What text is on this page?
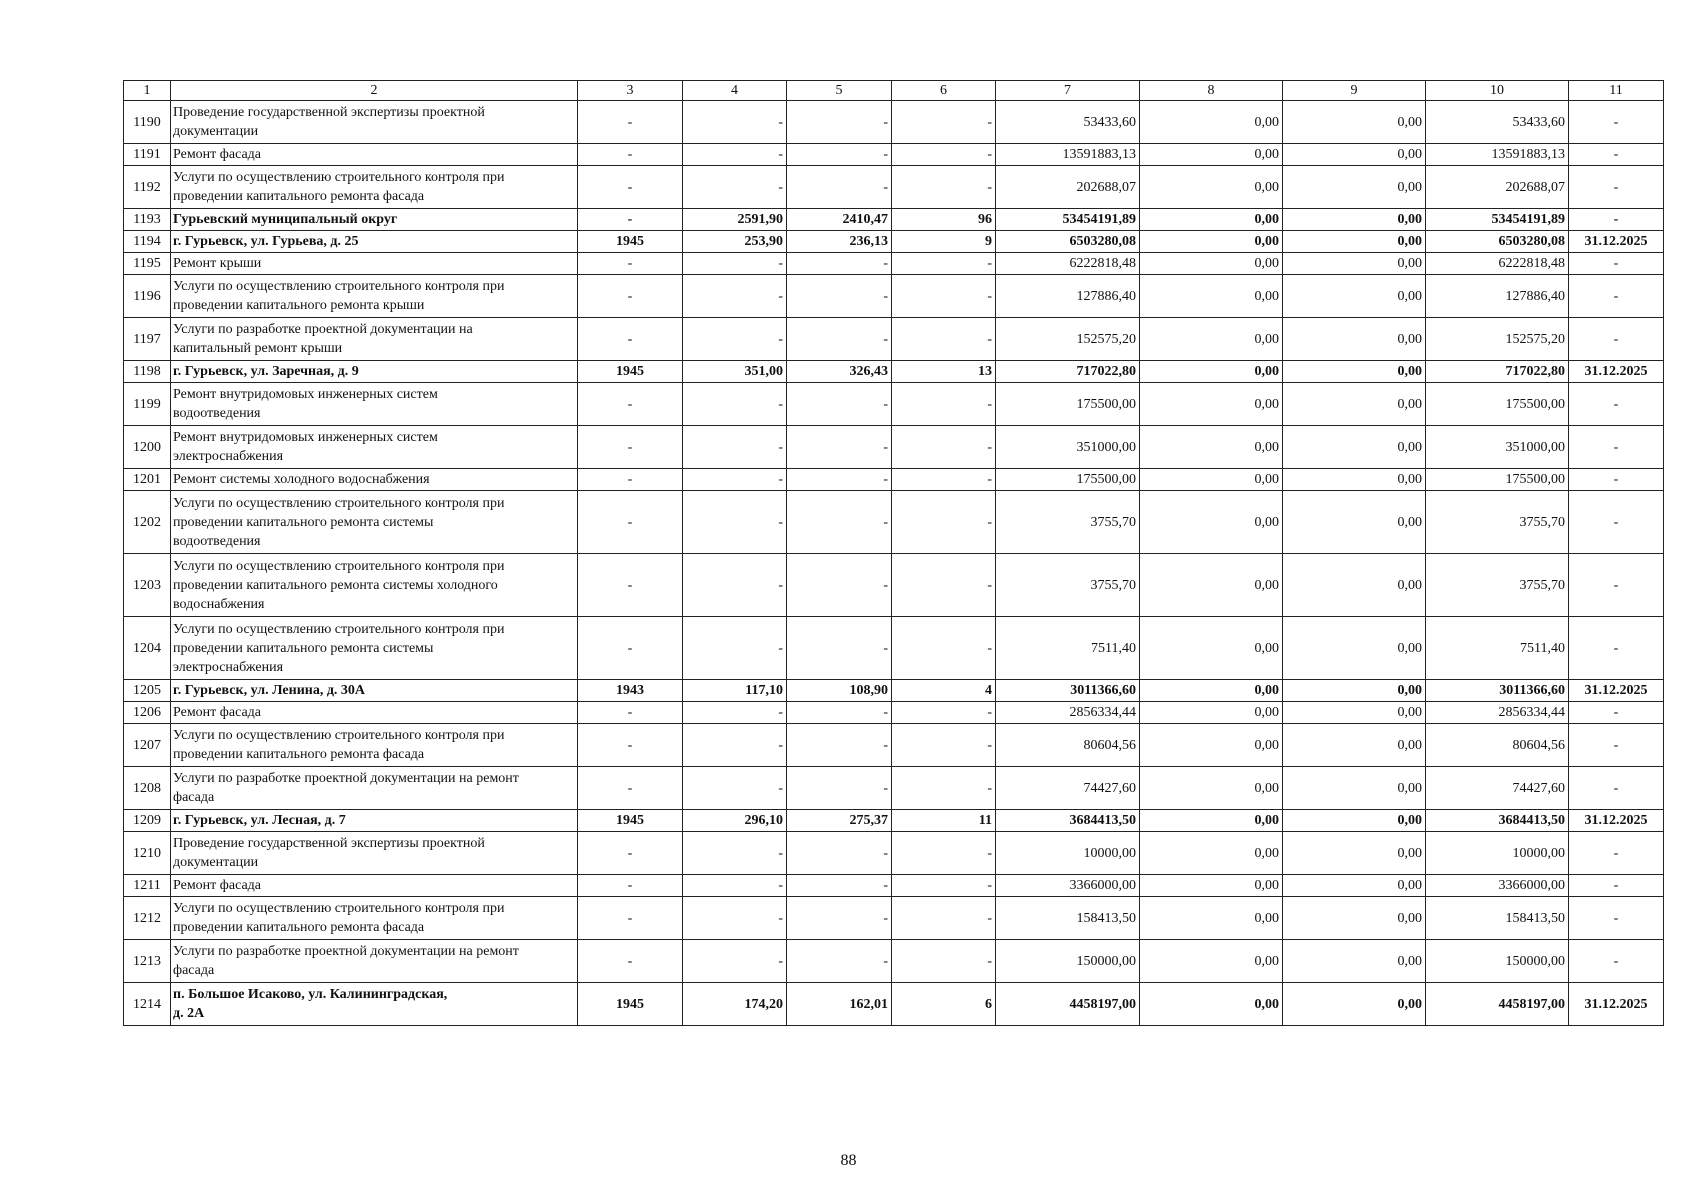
1	2	3	4	5	6	7	8	9	10	11
1190	Проведение государственной экспертизы проектной
документации	-	-	-	-	53433,60	0,00	0,00	53433,60	-
1191	Ремонт фасада	-	-	-	-	13591883,13	0,00	0,00	13591883,13	-
1192	Услуги по осуществлению строительного контроля при
проведении капитального ремонта фасада	-	-	-	-	202688,07	0,00	0,00	202688,07	-
1193	Гурьевский муниципальный округ	-	2591,90	2410,47	96	53454191,89	0,00	0,00	53454191,89	-
1194	г. Гурьевск, ул. Гурьева, д. 25	1945	253,90	236,13	9	6503280,08	0,00	0,00	6503280,08	31.12.2025
1195	Ремонт крыши	-	-	-	-	6222818,48	0,00	0,00	6222818,48	-
1196	Услуги по осуществлению строительного контроля при
проведении капитального ремонта крыши	-	-	-	-	127886,40	0,00	0,00	127886,40	-
1197	Услуги по разработке проектной документации на
капитальный ремонт крыши	-	-	-	-	152575,20	0,00	0,00	152575,20	-
1198	г. Гурьевск, ул. Заречная, д. 9	1945	351,00	326,43	13	717022,80	0,00	0,00	717022,80	31.12.2025
1199	Ремонт внутридомовых инженерных систем
водоотведения	-	-	-	-	175500,00	0,00	0,00	175500,00	-
1200	Ремонт внутридомовых инженерных систем
электроснабжения	-	-	-	-	351000,00	0,00	0,00	351000,00	-
1201	Ремонт системы холодного водоснабжения	-	-	-	-	175500,00	0,00	0,00	175500,00	-
1202	Услуги по осуществлению строительного контроля при
проведении капитального ремонта системы
водоотведения	-	-	-	-	3755,70	0,00	0,00	3755,70	-
1203	Услуги по осуществлению строительного контроля при
проведении капитального ремонта системы холодного
водоснабжения	-	-	-	-	3755,70	0,00	0,00	3755,70	-
1204	Услуги по осуществлению строительного контроля при
проведении капитального ремонта системы
электроснабжения	-	-	-	-	7511,40	0,00	0,00	7511,40	-
1205	г. Гурьевск, ул. Ленина, д. 30А	1943	117,10	108,90	4	3011366,60	0,00	0,00	3011366,60	31.12.2025
1206	Ремонт фасада	-	-	-	-	2856334,44	0,00	0,00	2856334,44	-
1207	Услуги по осуществлению строительного контроля при
проведении капитального ремонта фасада	-	-	-	-	80604,56	0,00	0,00	80604,56	-
1208	Услуги по разработке проектной документации на ремонт
фасада	-	-	-	-	74427,60	0,00	0,00	74427,60	-
1209	г. Гурьевск, ул. Лесная, д. 7	1945	296,10	275,37	11	3684413,50	0,00	0,00	3684413,50	31.12.2025
1210	Проведение государственной экспертизы проектной
документации	-	-	-	-	10000,00	0,00	0,00	10000,00	-
1211	Ремонт фасада	-	-	-	-	3366000,00	0,00	0,00	3366000,00	-
1212	Услуги по осуществлению строительного контроля при
проведении капитального ремонта фасада	-	-	-	-	158413,50	0,00	0,00	158413,50	-
1213	Услуги по разработке проектной документации на ремонт
фасада	-	-	-	-	150000,00	0,00	0,00	150000,00	-
1214	п. Большое Исаково, ул. Калининградская,
д. 2А	1945	174,20	162,01	6	4458197,00	0,00	0,00	4458197,00	31.12.2025
88
